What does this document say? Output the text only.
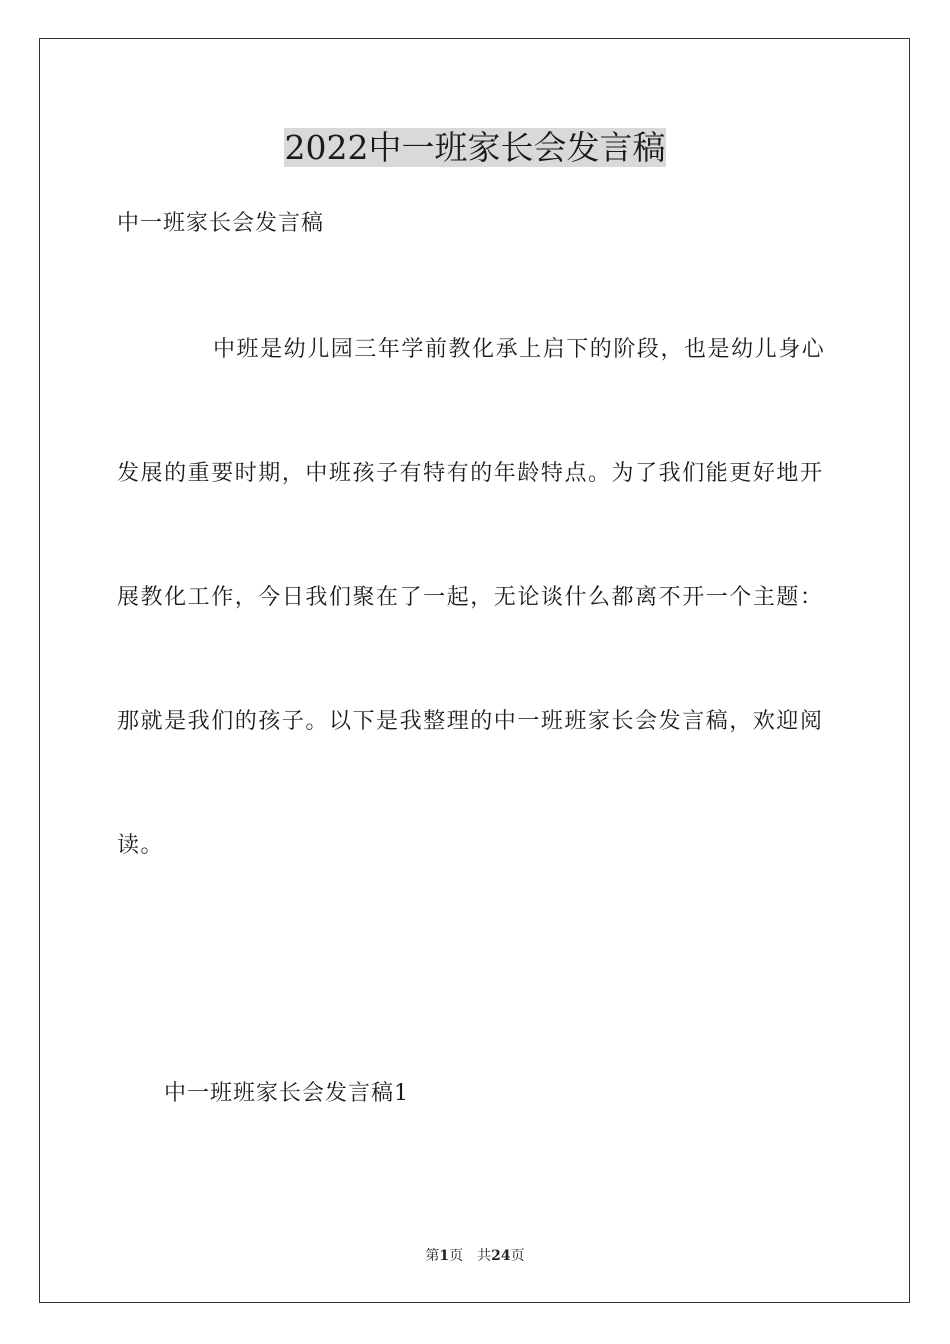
2022中一班家长会发言稿

中一班家长会发言稿

中班是幼儿园三年学前教化承上启下的阶段，也是幼儿身心

发展的重要时期，中班孩子有特有的年龄特点。为了我们能更好地开

展教化工作，今日我们聚在了一起，无论谈什么都离不开一个主题：

那就是我们的孩子。以下是我整理的中一班班家长会发言稿，欢迎阅

读。

中一班班家长会发言稿1

第1页 共24页
